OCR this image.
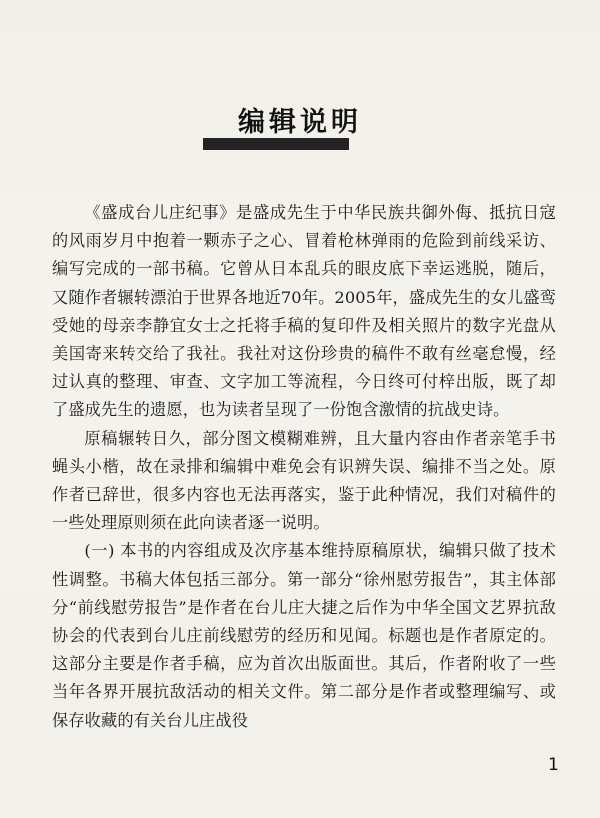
编辑说明

《盛成台儿庄纪事》是盛成先生于中华民族共御外侮、抵抗日寇的风雨岁月中抱着一颗赤子之心、冒着枪林弹雨的危险到前线采访、编写完成的一部书稿。它曾从日本乱兵的眼皮底下幸运逃脱，随后，又随作者辗转漂泊于世界各地近70年。2005年，盛成先生的女儿盛鸾受她的母亲李静宜女士之托将手稿的复印件及相关照片的数字光盘从美国寄来转交给了我社。我社对这份珍贵的稿件不敢有丝毫怠慢，经过认真的整理、审查、文字加工等流程，今日终可付梓出版，既了却了盛成先生的遗愿，也为读者呈现了一份饱含激情的抗战史诗。

原稿辗转日久，部分图文模糊难辨，且大量内容由作者亲笔手书蝇头小楷，故在录排和编辑中难免会有识辨失误、编排不当之处。原作者已辞世，很多内容也无法再落实，鉴于此种情况，我们对稿件的一些处理原则须在此向读者逐一说明。

(一) 本书的内容组成及次序基本维持原稿原状，编辑只做了技术性调整。书稿大体包括三部分。第一部分“徐州慰劳报告”，其主体部分“前线慰劳报告”是作者在台儿庄大捷之后作为中华全国文艺界抗敌协会的代表到台儿庄前线慰劳的经历和见闻。标题也是作者原定的。这部分主要是作者手稿，应为首次出版面世。其后，作者附收了一些当年各界开展抗敌活动的相关文件。第二部分是作者或整理编写、或保存收藏的有关台儿庄战役

1
